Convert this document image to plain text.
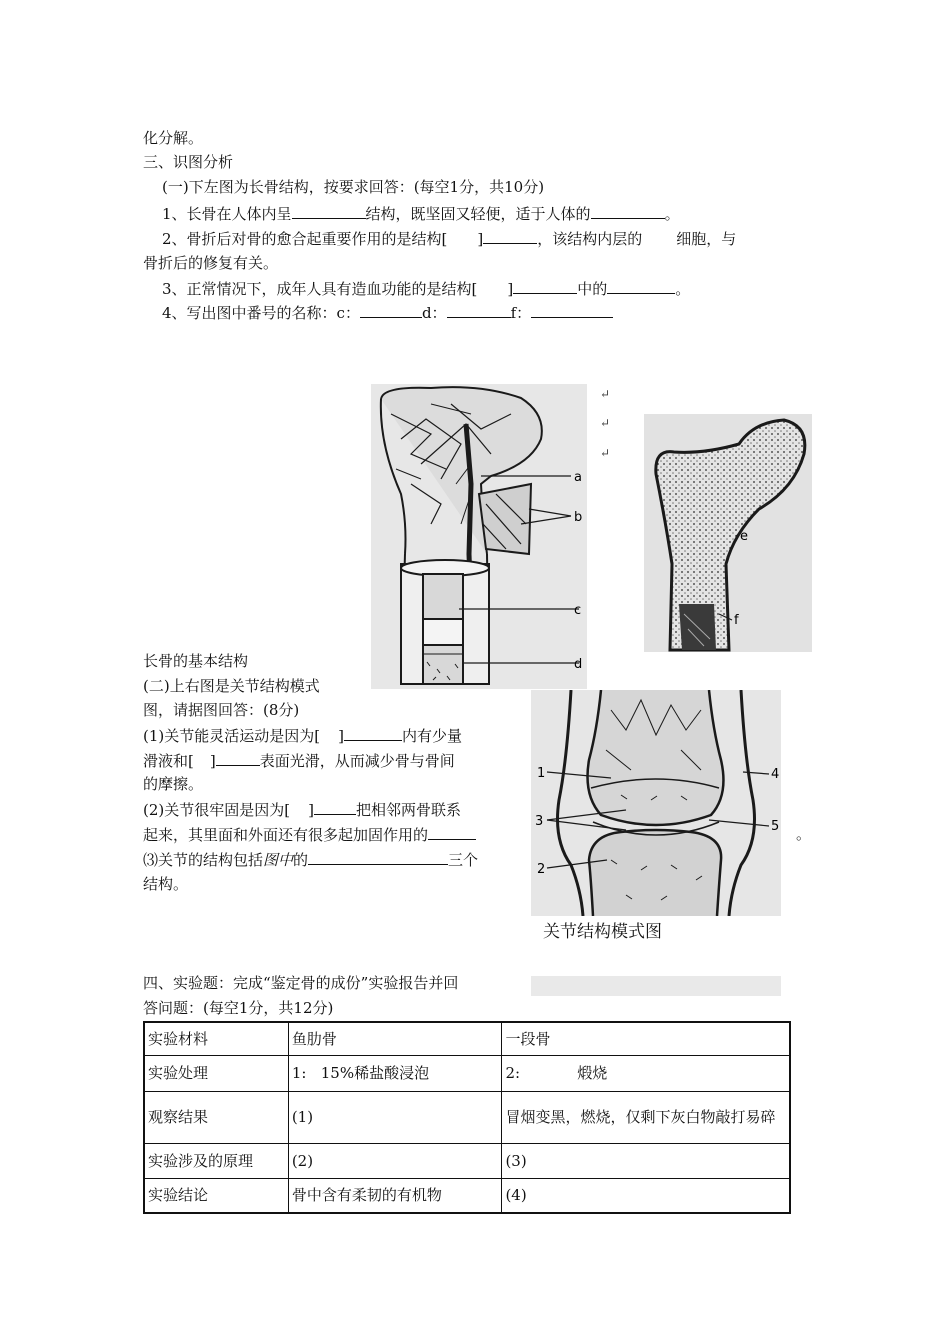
化分解。
三、识图分析
(一)下左图为长骨结构，按要求回答：(每空1分，共10分)
1、长骨在人体内呈	结构，既坚固又轻便，适于人体的	。
2、骨折后对骨的愈合起重要作用的是结构[ ]	，该结构内层的 细胞，与
骨折后的修复有关。
3、正常情况下，成年人具有造血功能的是结构[ ]	中的	。
4、写出图中番号的名称：c：	d：	f：
a
b
c
d
↵
↵
↵
e
f
长骨的基本结构
(二)上右图是关节结构模式
图，请据图回答：(8分)
(1)关节能灵活运动是因为[ ]	内有少量
滑液和[ ]	表面光滑，从而减少骨与骨间
的摩擦。
(2)关节很牢固是因为[ ]	把相邻两骨联系
起来，其里面和外面还有很多起加固作用的
⑶关节的结构包括图中的	三个
结构。
1
2
3
4
5
关节结构模式图
。
四、实验题：完成“鉴定骨的成份”实验报告并回
答问题：(每空1分，共12分)
实验材料	鱼肋骨	一段骨
实验处理	1:   15%稀盐酸浸泡	2:            煅烧
观察结果	(1)	冒烟变黑，燃烧，仅剩下灰白物敲打易碎
实验涉及的原理	(2)	(3)
实验结论	骨中含有柔韧的有机物	(4)
